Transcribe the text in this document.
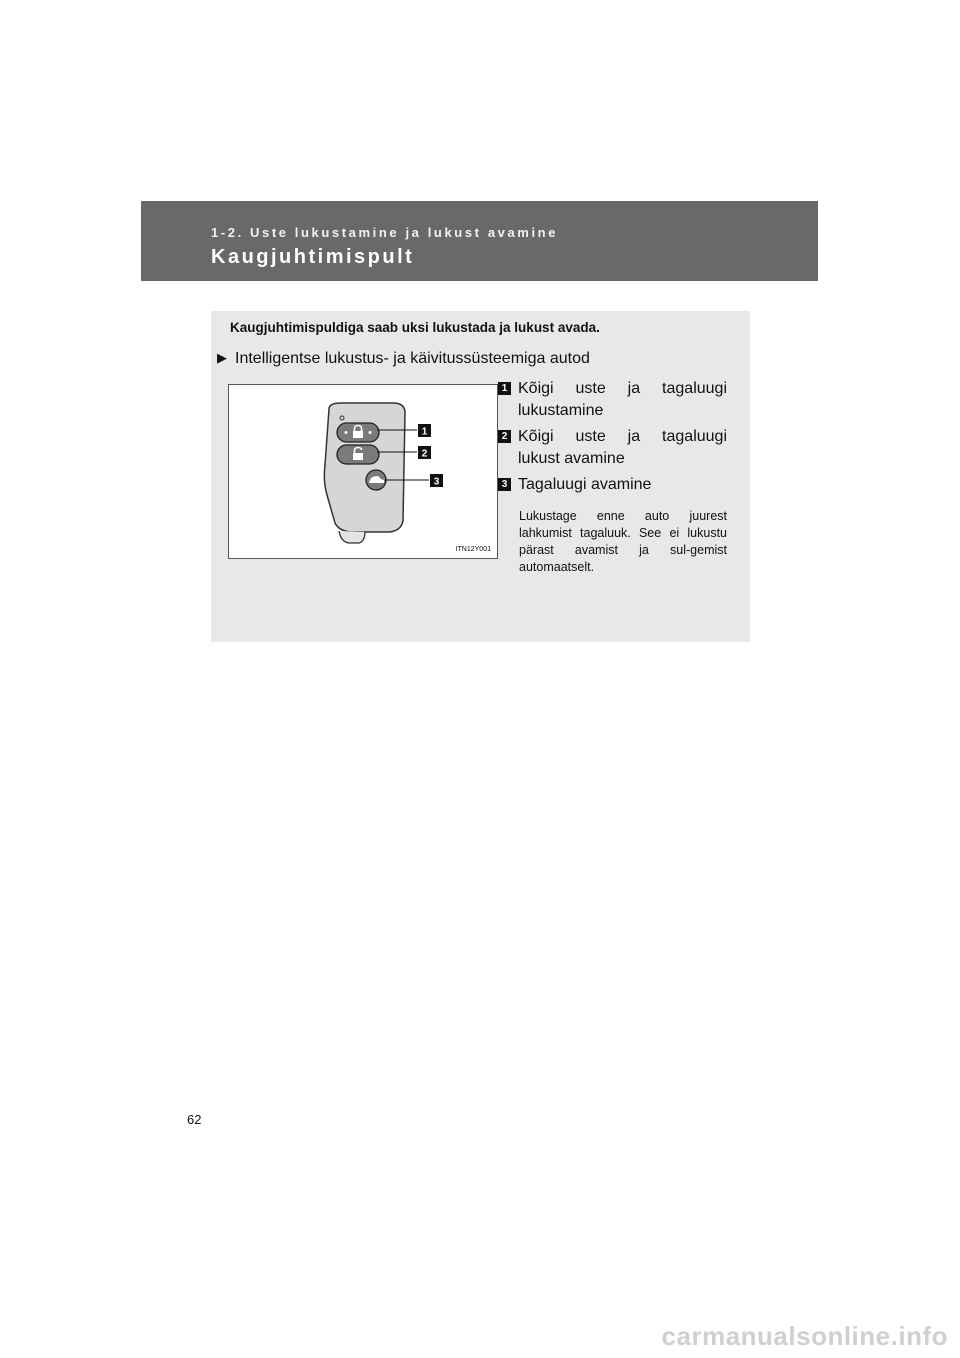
1-2. Uste lukustamine ja lukust avamine
Kaugjuhtimispult
Kaugjuhtimispuldiga saab uksi lukustada ja lukust avada.
▶ Intelligentse lukustus- ja käivitussüsteemiga autod
1
2
3
ITN12Y001
1 Kõigi uste ja tagaluugi
lukustamine
2 Kõigi uste ja tagaluugi
lukust avamine
3 Tagaluugi avamine
Lukustage enne auto juurest lahkumist tagaluuk. See ei lukustu pärast avamist ja sul-gemist automaatselt.
62
carmanualsonline.info
